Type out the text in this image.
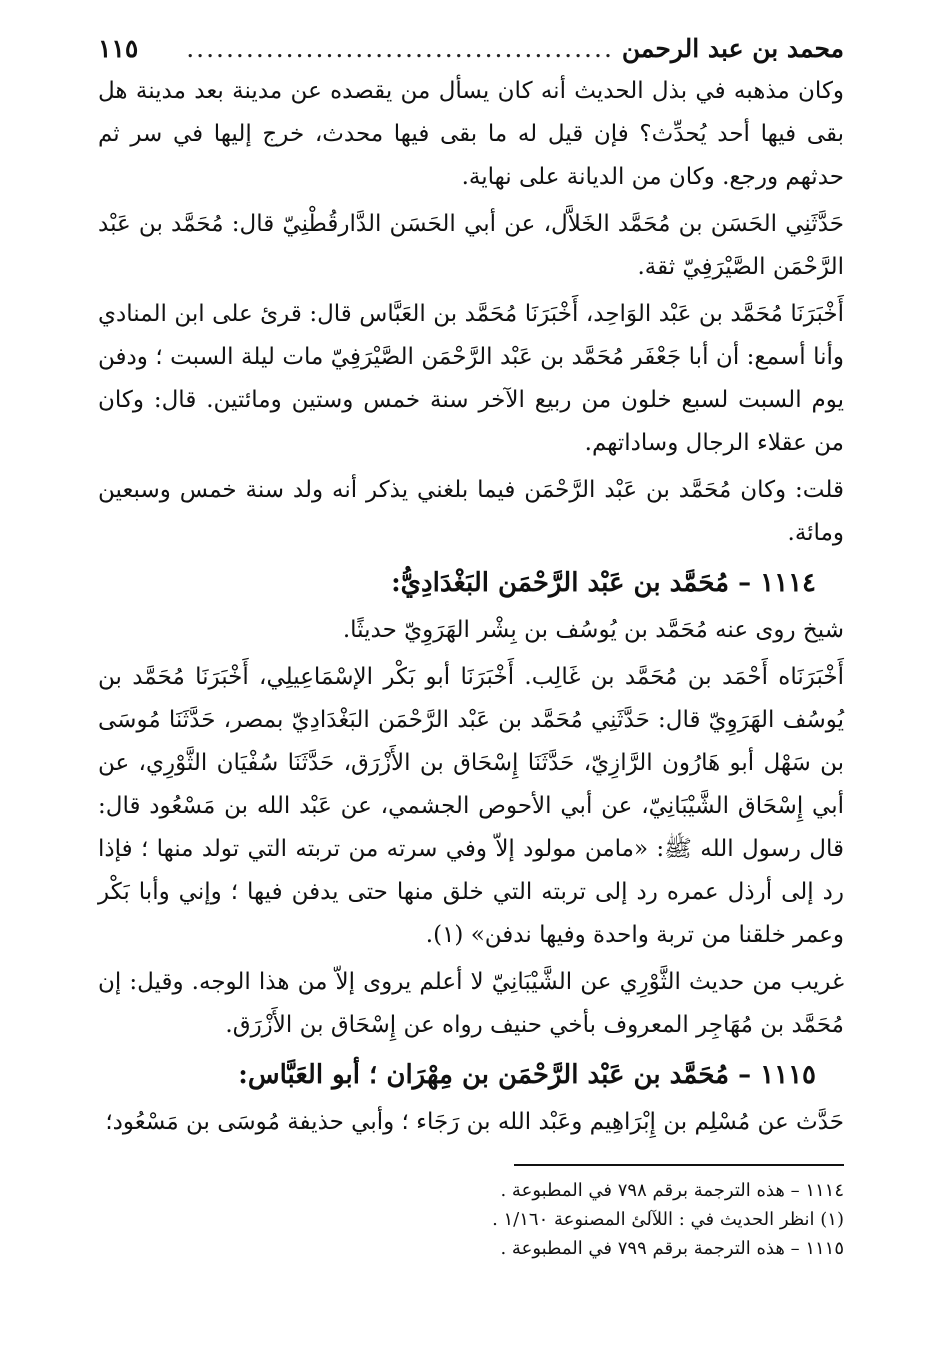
محمد بن عبد الرحمن
...........................................
١١٥

وكان مذهبه في بذل الحديث أنه كان يسأل من يقصده عن مدينة بعد مدينة هل بقى فيها أحد يُحدِّث؟ فإن قيل له ما بقى فيها محدث، خرج إليها في سر ثم حدثهم ورجع. وكان من الديانة على نهاية.

حَدَّثَنِي الحَسَن بن مُحَمَّد الخَلاَّل، عن أبي الحَسَن الدَّارقُطْنِيّ قال: مُحَمَّد بن عَبْد الرَّحْمَن الصَّيْرَفِيّ ثقة.

أَخْبَرَنَا مُحَمَّد بن عَبْد الوَاحِد، أَخْبَرَنَا مُحَمَّد بن العَبَّاس قال: قرئ على ابن المنادي وأنا أسمع: أن أبا جَعْفَر مُحَمَّد بن عَبْد الرَّحْمَن الصَّيْرَفِيّ مات ليلة السبت ؛ ودفن يوم السبت لسبع خلون من ربيع الآخر سنة خمس وستين ومائتين. قال: وكان من عقلاء الرجال وساداتهم.

قلت: وكان مُحَمَّد بن عَبْد الرَّحْمَن فيما بلغني يذكر أنه ولد سنة خمس وسبعين ومائة.

١١١٤ – مُحَمَّد بن عَبْد الرَّحْمَن البَغْدَادِيُّ:

شيخ روى عنه مُحَمَّد بن يُوسُف بن بِشْر الهَرَوِيّ حديثًا.

أَخْبَرَنَاه أَحْمَد بن مُحَمَّد بن غَالِب. أَخْبَرَنَا أبو بَكْر الإسْمَاعِيلِي، أَخْبَرَنَا مُحَمَّد بن يُوسُف الهَرَوِيّ قال: حَدَّثَنِي مُحَمَّد بن عَبْد الرَّحْمَن البَغْدَادِيّ بمصر، حَدَّثَنَا مُوسَى بن سَهْل أبو هَارُون الرَّازِيّ، حَدَّثَنَا إِسْحَاق بن الأَزْرَق، حَدَّثَنَا سُفْيَان الثَّوْرِي، عن أبي إِسْحَاق الشَّيْبَانِيّ، عن أبي الأحوص الجشمي، عن عَبْد الله بن مَسْعُود قال: قال رسول الله ﷺ: «مامن مولود إلاّ وفي سرته من تربته التي تولد منها ؛ فإذا رد إلى أرذل عمره رد إلى تربته التي خلق منها حتى يدفن فيها ؛ وإني وأبا بَكْر وعمر خلقنا من تربة واحدة وفيها ندفن» (١).

غريب من حديث الثَّوْرِي عن الشَّيْبَانِيّ لا أعلم يروى إلاّ من هذا الوجه. وقيل: إن مُحَمَّد بن مُهَاجِر المعروف بأخي حنيف رواه عن إِسْحَاق بن الأَزْرَق.

١١١٥ – مُحَمَّد بن عَبْد الرَّحْمَن بن مِهْرَان ؛ أبو العَبَّاس:

حَدَّث عن مُسْلِم بن إِبْرَاهِيم وعَبْد الله بن رَجَاء ؛ وأبي حذيفة مُوسَى بن مَسْعُود؛

١١١٤ – هذه الترجمة برقم ٧٩٨ في المطبوعة .

(١) انظر الحديث في : اللآلئ المصنوعة ١/١٦٠ .

١١١٥ – هذه الترجمة برقم ٧٩٩ في المطبوعة .
